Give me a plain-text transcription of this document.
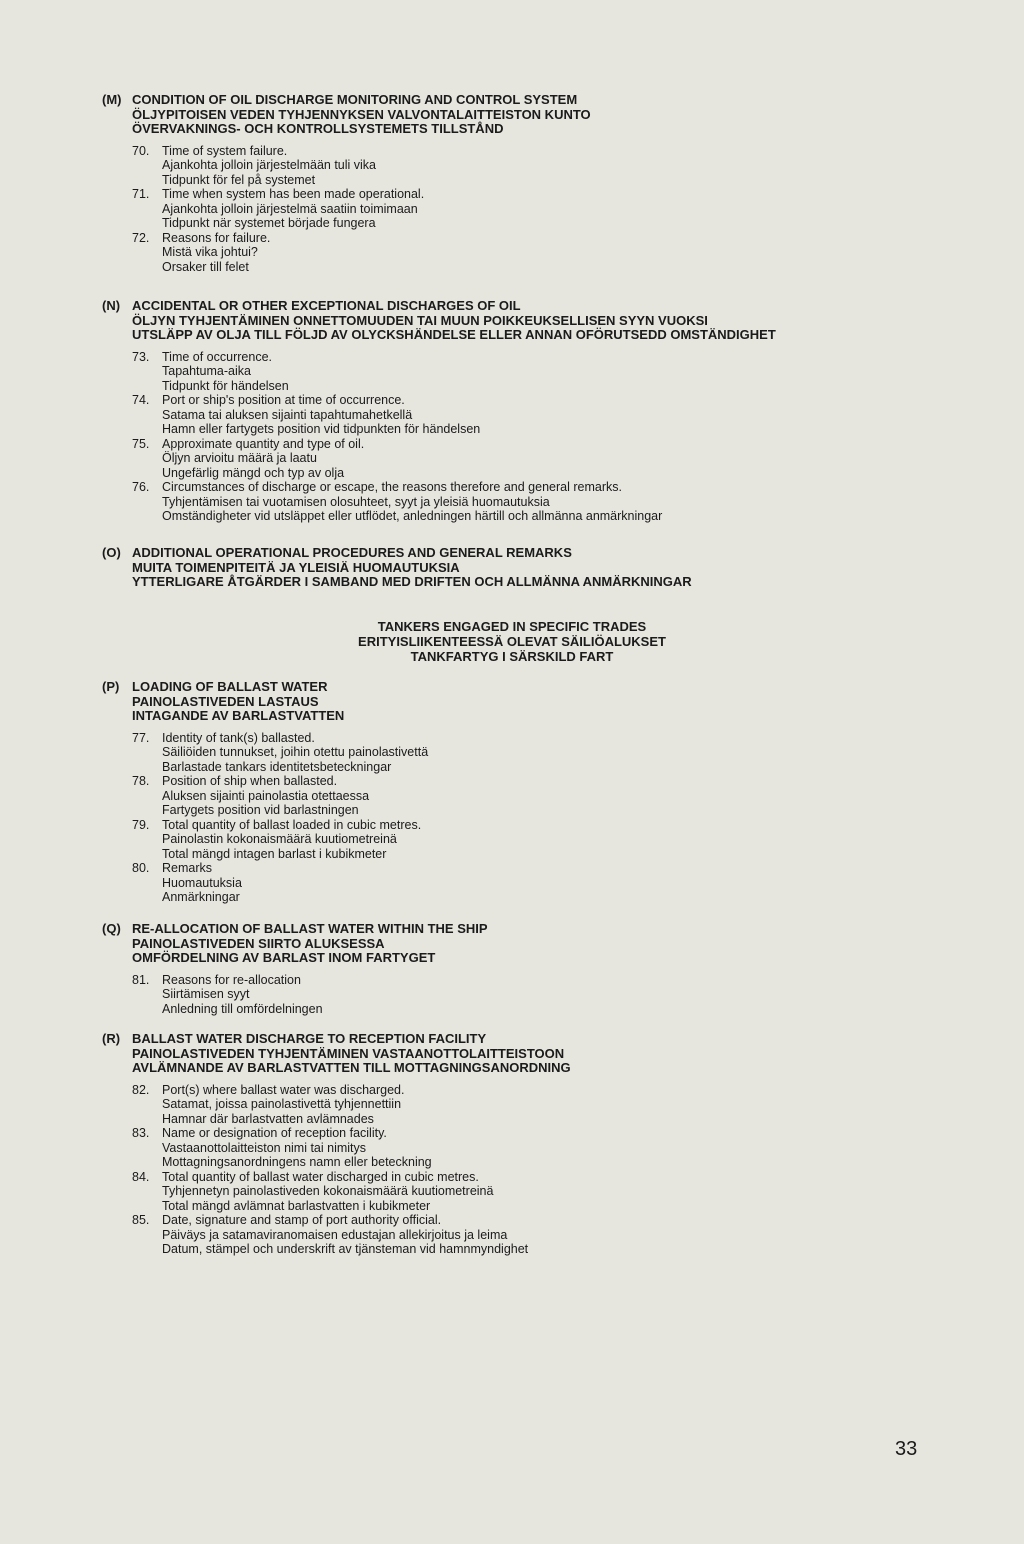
(M) CONDITION OF OIL DISCHARGE MONITORING AND CONTROL SYSTEM
ÖLJYPITOISEN VEDEN TYHJENNYKSEN VALVONTALAITTEISTON KUNTO
ÖVERVAKNINGS- OCH KONTROLLSYSTEMETS TILLSTÅND
70. Time of system failure.
Ajankohta jolloin järjestelmään tuli vika
Tidpunkt för fel på systemet
71. Time when system has been made operational.
Ajankohta jolloin järjestelmä saatiin toimimaan
Tidpunkt när systemet började fungera
72. Reasons for failure.
Mistä vika johtui?
Orsaker till felet
(N) ACCIDENTAL OR OTHER EXCEPTIONAL DISCHARGES OF OIL
ÖLJYN TYHJENTÄMINEN ONNETTOMUUDEN TAI MUUN POIKKEUKSELLISEN SYYN VUOKSI
UTSLÄPP AV OLJA TILL FÖLJD AV OLYCKSHÄNDELSE ELLER ANNAN OFÖRUTSEDD OMSTÄNDIGHET
73. Time of occurrence.
Tapahtuma-aika
Tidpunkt för händelsen
74. Port or ship's position at time of occurrence.
Satama tai aluksen sijainti tapahtumahetkellä
Hamn eller fartygets position vid tidpunkten för händelsen
75. Approximate quantity and type of oil.
Öljyn arvioitu määrä ja laatu
Ungefärlig mängd och typ av olja
76. Circumstances of discharge or escape, the reasons therefore and general remarks.
Tyhjentämisen tai vuotamisen olosuhteet, syyt ja yleisiä huomautuksia
Omständigheter vid utsläppet eller utflödet, anledningen härtill och allmänna anmärkningar
(O) ADDITIONAL OPERATIONAL PROCEDURES AND GENERAL REMARKS
MUITA TOIMENPITEITÄ JA YLEISIÄ HUOMAUTUKSIA
YTTERLIGARE ÅTGÄRDER I SAMBAND MED DRIFTEN OCH ALLMÄNNA ANMÄRKNINGAR
TANKERS ENGAGED IN SPECIFIC TRADES
ERITYISLIIKENTEESSÄ OLEVAT SÄILIÖALUKSET
TANKFARTYG I SÄRSKILD FART
(P) LOADING OF BALLAST WATER
PAINOLASTIVEDEN LASTAUS
INTAGANDE AV BARLASTVATTEN
77. Identity of tank(s) ballasted.
Säiliöiden tunnukset, joihin otettu painolastivettä
Barlastade tankars identitetsbeteckningar
78. Position of ship when ballasted.
Aluksen sijainti painolastia otettaessa
Fartygets position vid barlastningen
79. Total quantity of ballast loaded in cubic metres.
Painolastin kokonaismäärä kuutiometreinä
Total mängd intagen barlast i kubikmeter
80. Remarks
Huomautuksia
Anmärkningar
(Q) RE-ALLOCATION OF BALLAST WATER WITHIN THE SHIP
PAINOLASTIVEDEN SIIRTO ALUKSESSA
OMFÖRDELNING AV BARLAST INOM FARTYGET
81. Reasons for re-allocation
Siirtämisen syyt
Anledning till omfördelningen
(R) BALLAST WATER DISCHARGE TO RECEPTION FACILITY
PAINOLASTIVEDEN TYHJENTÄMINEN VASTAANOTTOLAITTEISTOON
AVLÄMNANDE AV BARLASTVATTEN TILL MOTTAGNINGSANORDNING
82. Port(s) where ballast water was discharged.
Satamat, joissa painolastivettä tyhjennettiin
Hamnar där barlastvatten avlämnades
83. Name or designation of reception facility.
Vastaanottolaitteiston nimi tai nimitys
Mottagningsanordningens namn eller beteckning
84. Total quantity of ballast water discharged in cubic metres.
Tyhjennetyn painolastiveden kokonaismäärä kuutiometreinä
Total mängd avlämnat barlastvatten i kubikmeter
85. Date, signature and stamp of port authority official.
Päiväys ja satamaviranomaisen edustajan allekirjoitus ja leima
Datum, stämpel och underskrift av tjänsteman vid hamnmyndighet
33
